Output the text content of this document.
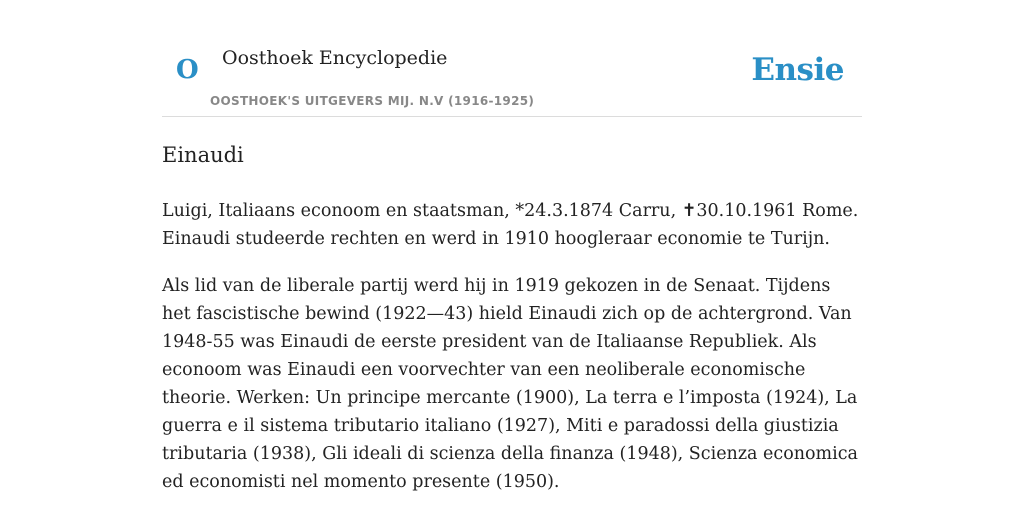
O Oosthoek Encyclopedie
OOSTHOEK'S UITGEVERS MIJ. N.V (1916-1925)
Ensie
Einaudi

Luigi, Italiaans econoom en staatsman, *24.3.1874 Carru, ✝30.10.1961 Rome. Einaudi studeerde rechten en werd in 1910 hoogleraar economie te Turijn.

Als lid van de liberale partij werd hij in 1919 gekozen in de Senaat. Tijdens het fascistische bewind (1922—43) hield Einaudi zich op de achtergrond. Van 1948-55 was Einaudi de eerste president van de Italiaanse Republiek. Als econoom was Einaudi een voorvechter van een neoliberale economische theorie. Werken: Un principe mercante (1900), La terra e l’imposta (1924), La guerra e il sistema tributario italiano (1927), Miti e paradossi della giustizia tributaria (1938), Gli ideali di scienza della finanza (1948), Scienza economica ed economisti nel momento presente (1950).
